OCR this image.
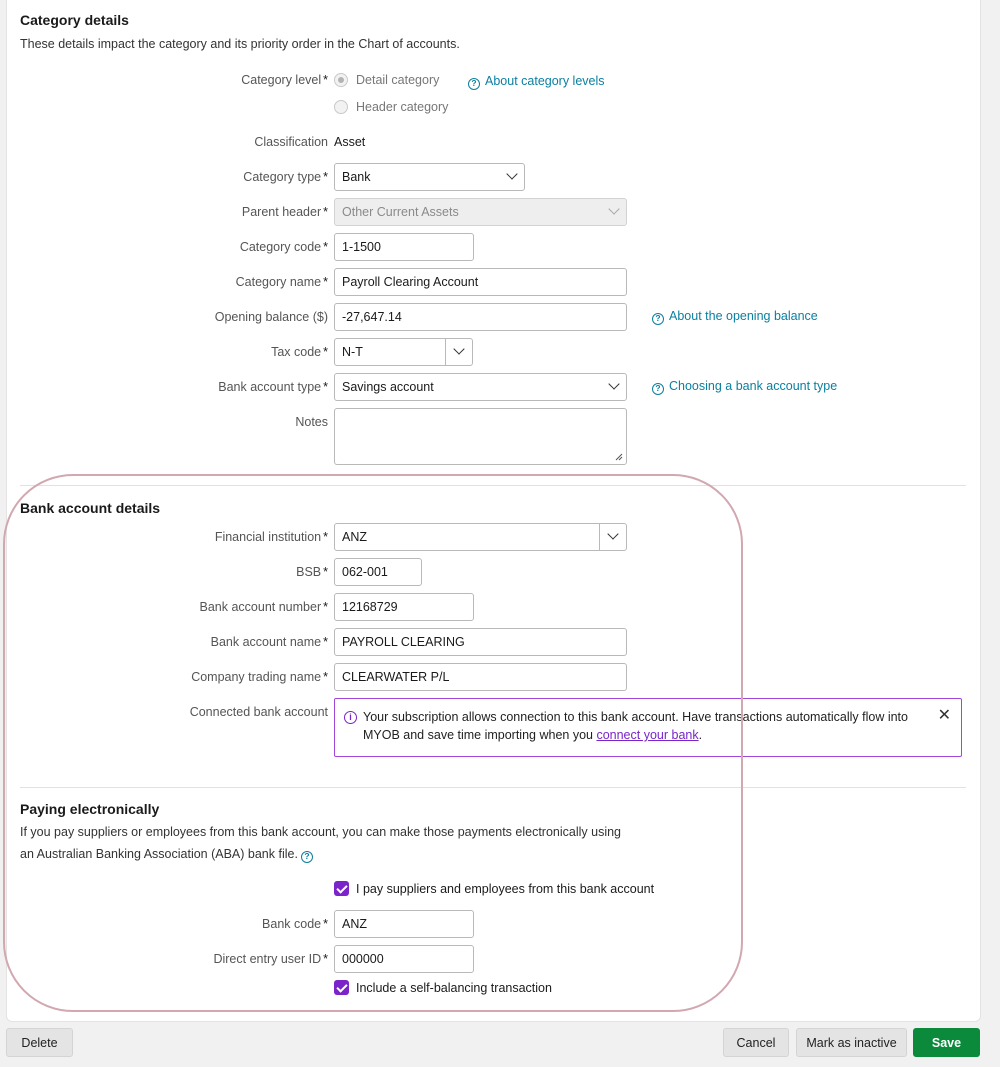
Category details
These details impact the category and its priority order in the Chart of accounts.
Category level * Detail category
Header category
? About category levels
Classification Asset
Category type *	Bank
Parent header *	Other Current Assets
Category code *	1-1500
Category name *	Payroll Clearing Account
Opening balance ($)	-27,647.14	? About the opening balance
Tax code *	N-T
Bank account type *	Savings account	? Choosing a bank account type
Notes
Bank account details
Financial institution *	ANZ
BSB *	062-001
Bank account number *	12168729
Bank account name *	PAYROLL CLEARING
Company trading name *	CLEARWATER P/L
Connected bank account	i Your subscription allows connection to this bank account. Have transactions automatically flow into MYOB and save time importing when you connect your bank.
✕
Paying electronically
If you pay suppliers or employees from this bank account, you can make those payments electronically using
an Australian Banking Association (ABA) bank file. ?
I pay suppliers and employees from this bank account
Bank code *	ANZ
Direct entry user ID *	000000
Include a self-balancing transaction
Delete	Cancel	Mark as inactive	Save
